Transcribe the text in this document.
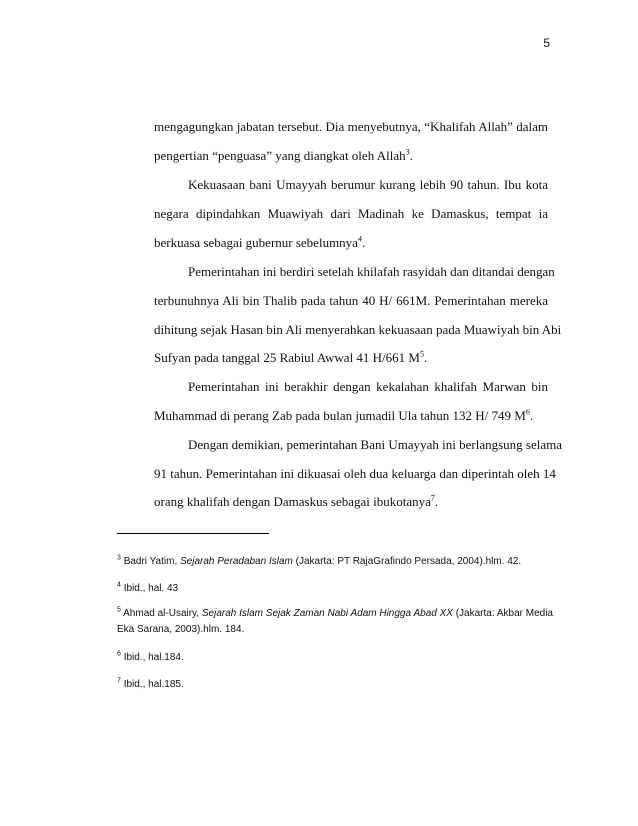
5
mengagungkan jabatan tersebut. Dia menyebutnya, “Khalifah Allah” dalam
pengertian “penguasa” yang diangkat oleh Allah$^3$.
Kekuasaan bani Umayyah berumur kurang lebih 90 tahun. Ibu kota
negara dipindahkan Muawiyah dari Madinah ke Damaskus, tempat ia
berkuasa sebagai gubernur sebelumnya$^4$.
Pemerintahan ini berdiri setelah khilafah rasyidah dan ditandai dengan
terbunuhnya Ali bin Thalib pada tahun 40 H/ 661M. Pemerintahan mereka
dihitung sejak Hasan bin Ali menyerahkan kekuasaan pada Muawiyah bin Abi
Sufyan pada tanggal 25 Rabiul Awwal 41 H/661 $M^5$.
Pemerintahan ini berakhir dengan kekalahan khalifah Marwan bin
Muhammad di perang Zab pada bulan jumadil Ula tahun 132 H/ 749 $M^6$.
Dengan demikian, pemerintahan Bani Umayyah ini berlangsung selama
91 tahun. Pemerintahan ini dikuasai oleh dua keluarga dan diperintah oleh 14
orang khalifah dengan Damaskus sebagai ibukotanya$^7$.
$^3$ Badri Yatim, Sejarah Peradaban Islam (Jakarta: PT RajaGrafindo Persada, 2004).hlm. 42.
$^4$ Ibid., hal. 43
$^5$ Ahmad al-Usairy, Sejarah Islam Sejak Zaman Nabi Adam Hingga Abad XX (Jakarta: Akbar Media Eka Sarana, 2003).hlm. 184.
$^6$ Ibid., hal.184.
$^7$ Ibid., hal.185.
